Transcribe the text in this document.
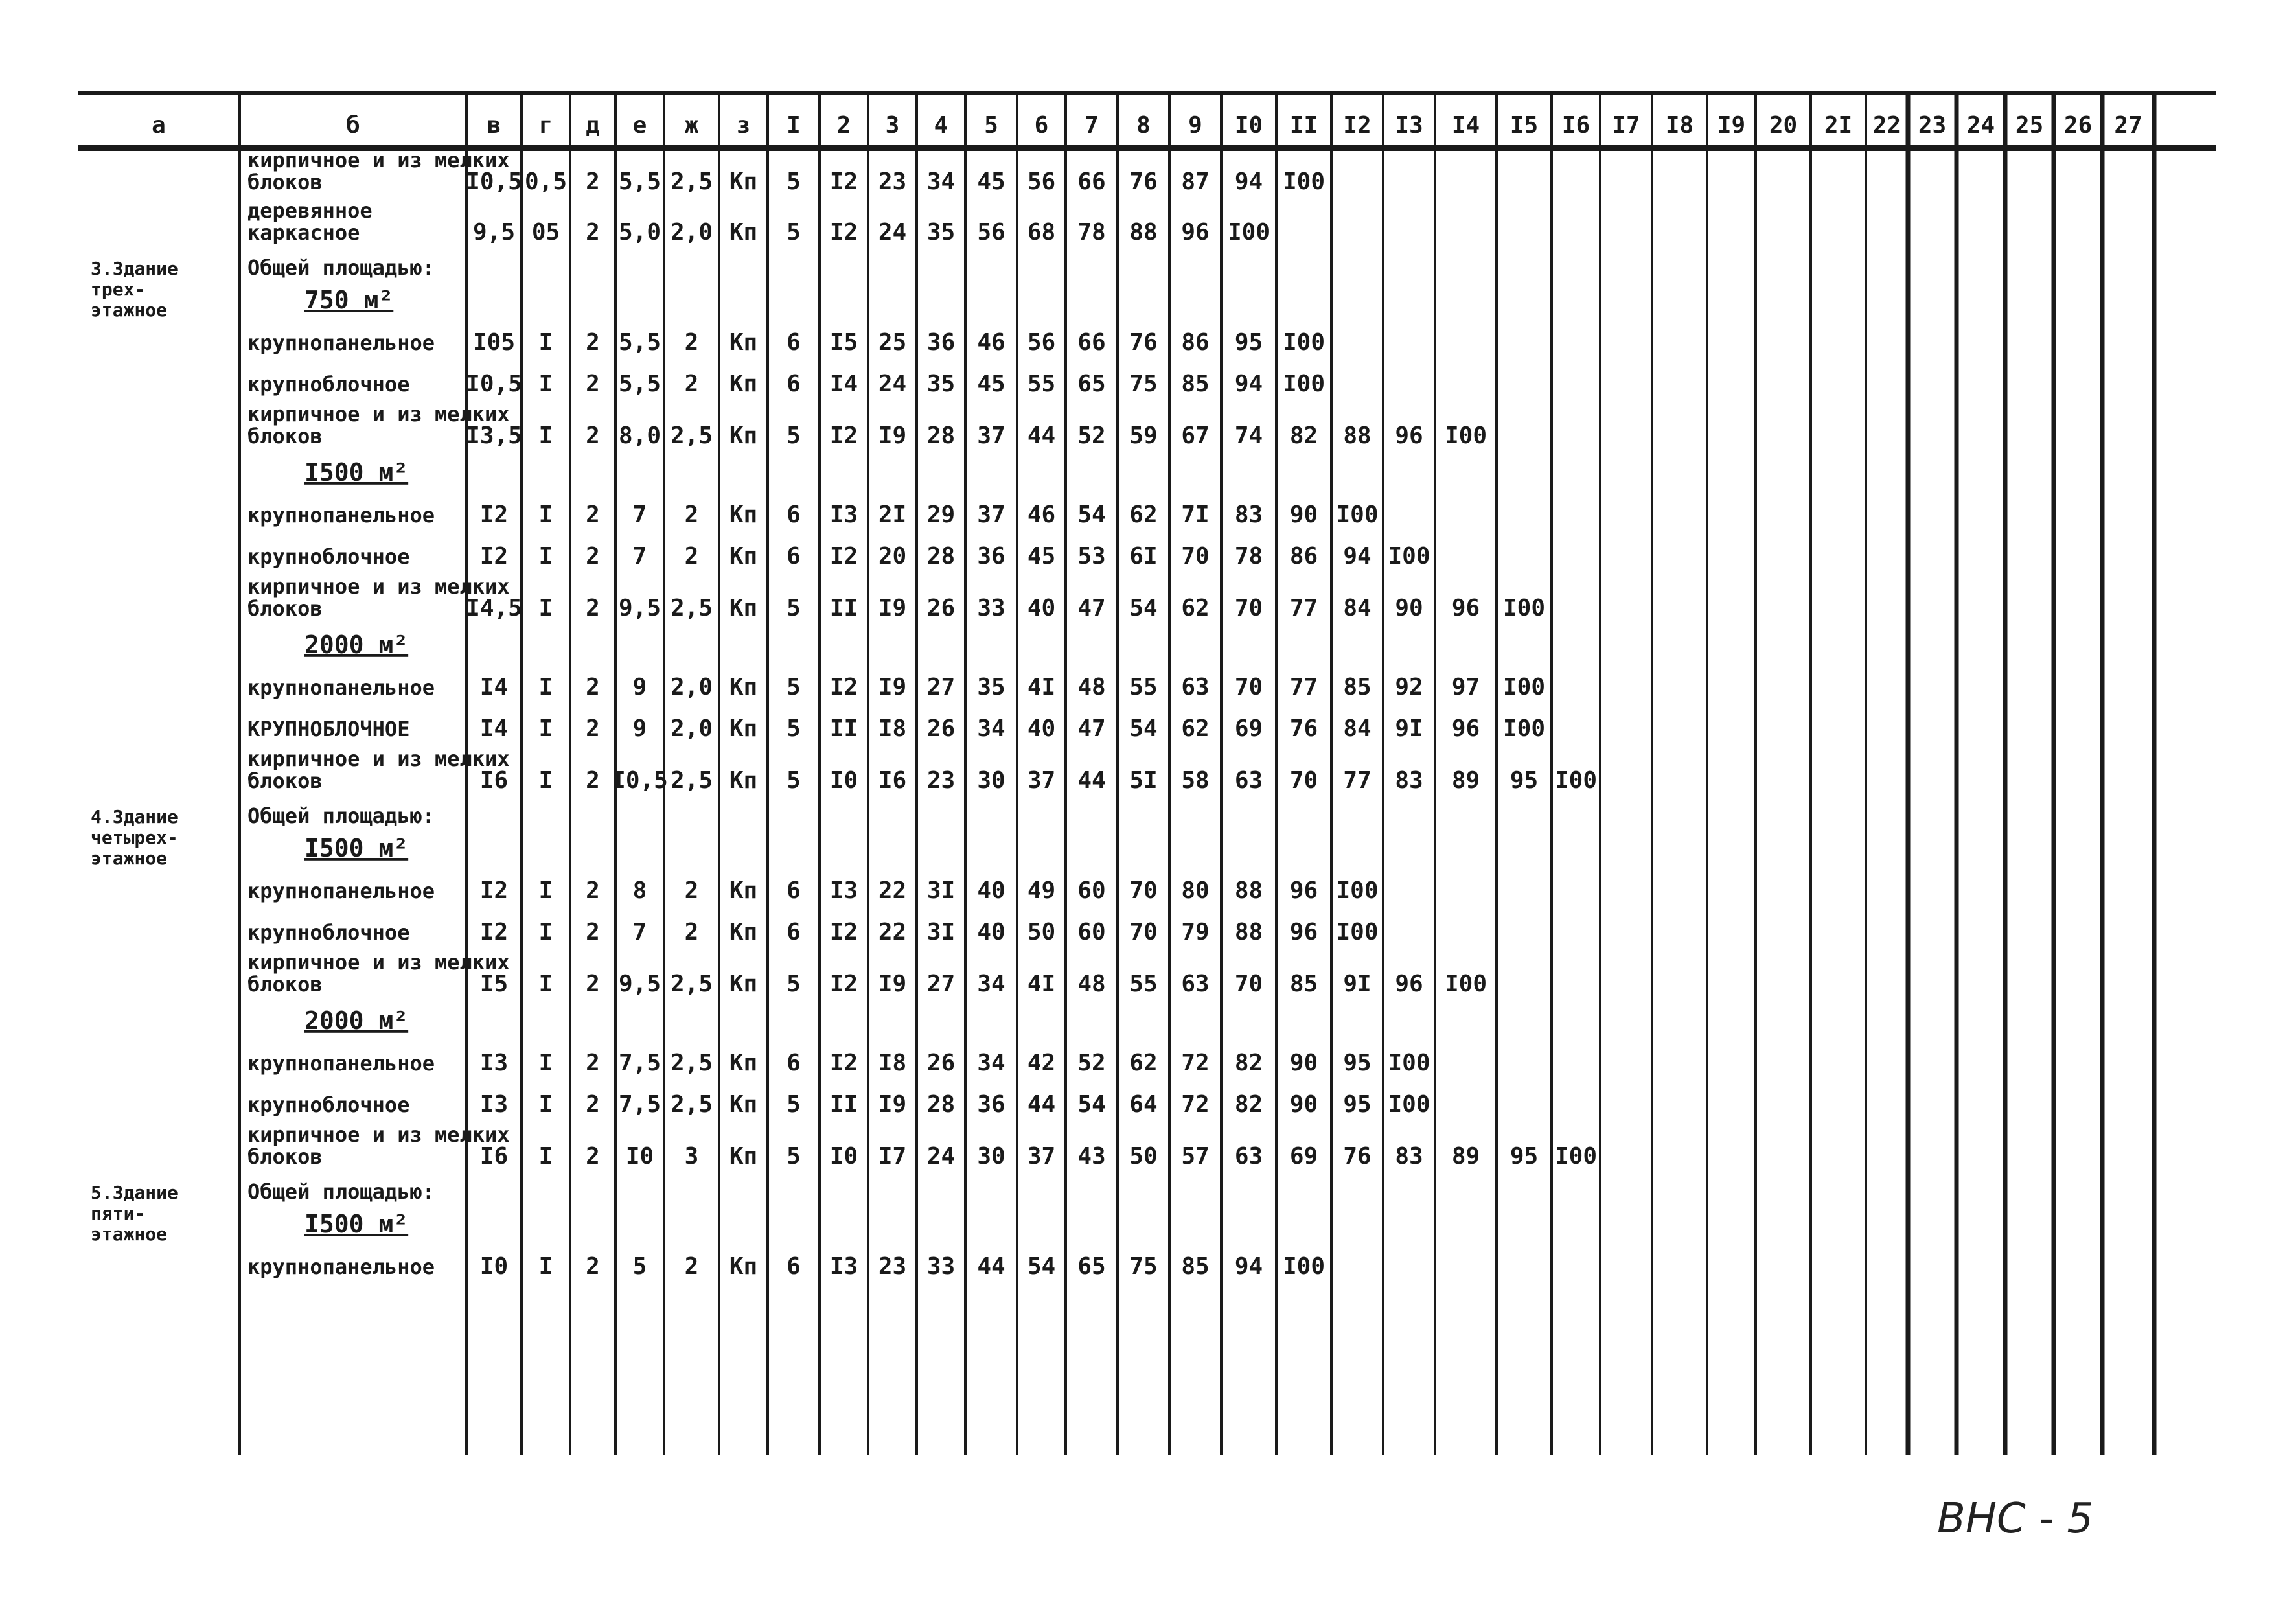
а	б	в г д е ж з I 2 3 4 5 6 7 8 9 I0 II I2 I3 I4 I5 I6 I7 I8 I9 20 2I 22 23 24 25 26 27
кирпичное и из мелких блоков	I0,5 0,5 2 5,5 2,5 Кп 5 I2 23 34 45 56 66 76 87 94 I00
деревянное каркасное	9,5 05 2 5,0 2,0 Кп 5 I2 24 35 56 68 78 88 96 I00
3.Здание трех-этажное
Общей площадью:
750 м²
крупнопанельное I05 I 2 5,5 2 Кп 6 I5 25 36 46 56 66 76 86 95 I00
крупноблочное I0,5 I 2 5,5 2 Кп 6 I4 24 35 45 55 65 75 85 94 I00
кирпичное и из мелких блоков	I3,5 I 2 8,0 2,5 Кп 5 I2 I9 28 37 44 52 59 67 74 82 88 96 I00
I500 м²
крупнопанельное I2 I 2 7 2 Кп 6 I3 2I 29 37 46 54 62 7I 83 90 I00
крупноблочное	I2 I 2 7 2 Кп 6 I2 20 28 36 45 53 6I 70 78 86 94 I00
кирпичное и из мелких блоков	I4,5 I 2 9,5 2,5 Кп 5 II I9 26 33 40 47 54 62 70 77 84 90 96 I00
2000 м²
крупнопанельное I4 I 2 9 2,0 Кп 5 I2 I9 27 35 4I 48 55 63 70 77 85 92 97 I00
КРУПНОБЛОЧНОЕ	I4 I 2 9 2,0 Кп 5 II I8 26 34 40 47 54 62 69 76 84 9I 96 I00
кирпичное и из мелких блоков	I6 I 2 I0,5 2,5 Кп 5 I0 I6 23 30 37 44 5I 58 63 70 77 83 89 95 I00
4.Здание четырех-этажное
Общей площадью:
I500 м²
крупнопанельное I2 I 2 8 2 Кп 6 I3 22 3I 40 49 60 70 80 88 96 I00
крупноблочное	I2 I 2 7 2 Кп 6 I2 22 3I 40 50 60 70 79 88 96 I00
кирпичное и из мелких блоков	I5 I 2 9,5 2,5 Кп 5 I2 I9 27 34 4I 48 55 63 70 85 9I 96 I00
2000 м²
крупнопанельное I3 I 2 7,5 2,5 Кп 6 I2 I8 26 34 42 52 62 72 82 90 95 I00
крупноблочное	I3 I 2 7,5 2,5 Кп 5 II I9 28 36 44 54 64 72 82 90 95 I00
кирпичное и из мелких блоков	I6 I 2 I0 3 Кп 5 I0 I7 24 30 37 43 50 57 63 69 76 83 89 95 I00
5.Здание пяти-этажное
Общей площадью:
I500 м²
крупнопанельное I0 I 2 5 2 Кп 6 I3 23 33 44 54 65 75 85 94 I00
ВНС - 5
